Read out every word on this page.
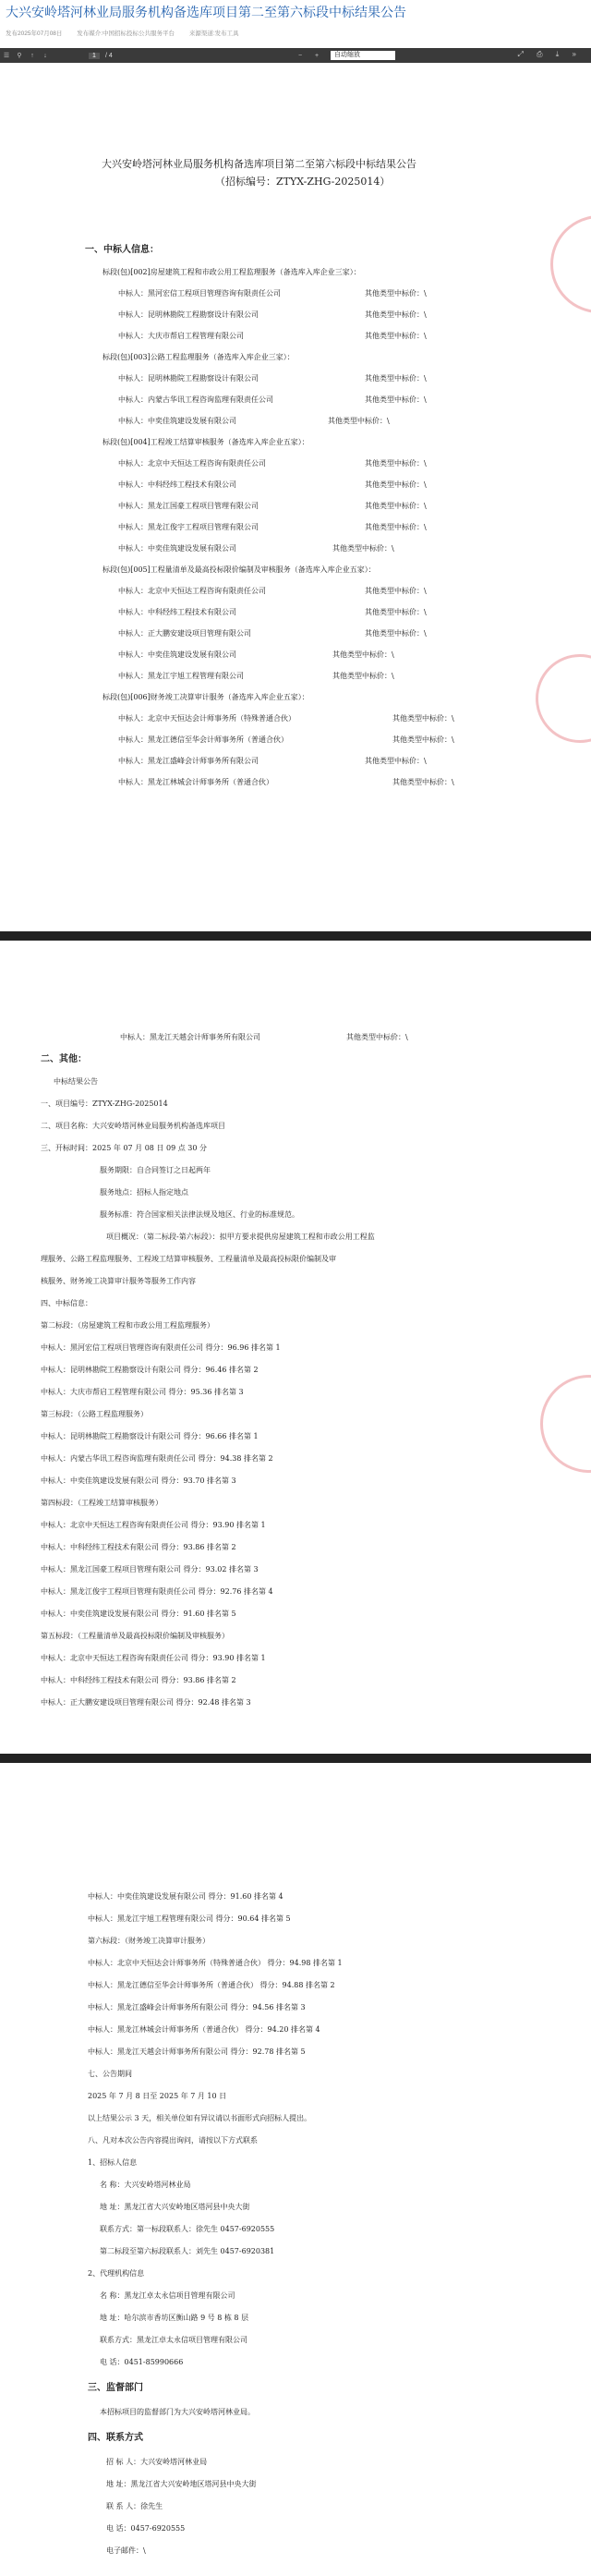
大兴安岭塔河林业局服务机构备选库项目第二至第六标段中标结果公告
发布2025年07月08日 发布媒介:中国招标投标公共服务平台 来源渠道:发布工具
☰	⚲	↑	↓	1	/ 4	−	+	自动缩放	⤢ ⎙ ⤓ »
大兴安岭塔河林业局服务机构备选库项目第二至第六标段中标结果公告
（招标编号：ZTYX-ZHG-2025014）
一、中标人信息：
标段(包)[002]房屋建筑工程和市政公用工程监理服务（备选库入库企业三家）：
中标人：黑河宏信工程项目管理咨询有限责任公司	其他类型中标价：\
中标人：昆明林勘院工程勘察设计有限公司	其他类型中标价：\
中标人：大庆市帮启工程管理有限公司	其他类型中标价：\
标段(包)[003]公路工程监理服务（备选库入库企业三家）：
中标人：昆明林勘院工程勘察设计有限公司	其他类型中标价：\
中标人：内蒙古华讯工程咨询监理有限责任公司	其他类型中标价：\
中标人：中奕佳筑建设发展有限公司	其他类型中标价：\
标段(包)[004]工程竣工结算审核服务（备选库入库企业五家）：
中标人：北京中天恒达工程咨询有限责任公司	其他类型中标价：\
中标人：中科经纬工程技术有限公司	其他类型中标价：\
中标人：黑龙江国豪工程项目管理有限公司	其他类型中标价：\
中标人：黑龙江俊宇工程项目管理有限公司	其他类型中标价：\
中标人：中奕佳筑建设发展有限公司	其他类型中标价：\
标段(包)[005]工程量清单及最高投标限价编制及审核服务（备选库入库企业五家）：
中标人：北京中天恒达工程咨询有限责任公司	其他类型中标价：\
中标人：中科经纬工程技术有限公司	其他类型中标价：\
中标人：正大鹏安建设项目管理有限公司	其他类型中标价：\
中标人：中奕佳筑建设发展有限公司	其他类型中标价：\
中标人：黑龙江宇旭工程管理有限公司	其他类型中标价：\
标段(包)[006]财务竣工决算审计服务（备选库入库企业五家）：
中标人：北京中天恒达会计师事务所（特殊普通合伙）	其他类型中标价：\
中标人：黑龙江德信至华会计师事务所（普通合伙）	其他类型中标价：\
中标人：黑龙江盛峰会计师事务所有限公司	其他类型中标价：\
中标人：黑龙江林城会计师事务所（普通合伙）	其他类型中标价：\
中标人：黑龙江天越会计师事务所有限公司	其他类型中标价：\
二、其他：
中标结果公告
一、项目编号：ZTYX-ZHG-2025014
二、项目名称：大兴安岭塔河林业局服务机构备选库项目
三、开标时间：2025 年 07 月 08 日 09 点 30 分
服务期限：自合同签订之日起两年
服务地点：招标人指定地点
服务标准：符合国家相关法律法规及地区、行业的标准规范。
项目概况：（第二标段-第六标段）：拟甲方要求提供房屋建筑工程和市政公用工程监
理服务、公路工程监理服务、工程竣工结算审核服务、工程量清单及最高投标限价编制及审
核服务、财务竣工决算审计服务等服务工作内容
四、中标信息：
第二标段：（房屋建筑工程和市政公用工程监理服务）
中标人：黑河宏信工程项目管理咨询有限责任公司 得分：96.96 排名第 1
中标人：昆明林勘院工程勘察设计有限公司 得分：96.46 排名第 2
中标人：大庆市帮启工程管理有限公司 得分：95.36 排名第 3
第三标段：（公路工程监理服务）
中标人：昆明林勘院工程勘察设计有限公司 得分：96.66 排名第 1
中标人：内蒙古华讯工程咨询监理有限责任公司 得分：94.38 排名第 2
中标人：中奕佳筑建设发展有限公司 得分：93.70 排名第 3
第四标段：（工程竣工结算审核服务）
中标人：北京中天恒达工程咨询有限责任公司 得分：93.90 排名第 1
中标人：中科经纬工程技术有限公司 得分：93.86 排名第 2
中标人：黑龙江国豪工程项目管理有限公司 得分：93.02 排名第 3
中标人：黑龙江俊宇工程项目管理有限责任公司 得分：92.76 排名第 4
中标人：中奕佳筑建设发展有限公司 得分：91.60 排名第 5
第五标段：（工程量清单及最高投标限价编制及审核服务）
中标人：北京中天恒达工程咨询有限责任公司 得分：93.90 排名第 1
中标人：中科经纬工程技术有限公司 得分：93.86 排名第 2
中标人：正大鹏安建设项目管理有限公司 得分：92.48 排名第 3
中标人：中奕佳筑建设发展有限公司 得分：91.60 排名第 4
中标人：黑龙江宇旭工程管理有限公司 得分：90.64 排名第 5
第六标段：（财务竣工决算审计服务）
中标人：北京中天恒达会计师事务所（特殊普通合伙） 得分：94.98 排名第 1
中标人：黑龙江德信至华会计师事务所（普通合伙） 得分：94.88 排名第 2
中标人：黑龙江盛峰会计师事务所有限公司 得分：94.56 排名第 3
中标人：黑龙江林城会计师事务所（普通合伙） 得分：94.20 排名第 4
中标人：黑龙江天越会计师事务所有限公司 得分：92.78 排名第 5
七、公告期间
2025 年 7 月 8 日至 2025 年 7 月 10 日
以上结果公示 3 天，相关单位如有异议请以书面形式向招标人提出。
八、凡对本次公告内容提出询问，请按以下方式联系
1、招标人信息
名 称：大兴安岭塔河林业局
地 址：黑龙江省大兴安岭地区塔河县中央大街
联系方式：第一标段联系人：徐先生 0457-6920555
第二标段至第六标段联系人：刘先生 0457-6920381
2、代理机构信息
名 称：黑龙江卓太永信项目管理有限公司
地 址：哈尔滨市香坊区衡山路 9 号 8 栋 8 层
联系方式：黑龙江卓太永信项目管理有限公司
电 话：0451-85990666
三、监督部门
本招标项目的监督部门为大兴安岭塔河林业局。
四、联系方式
招 标 人：大兴安岭塔河林业局
地 址：黑龙江省大兴安岭地区塔河县中央大街
联 系 人：徐先生
电 话：0457-6920555
电子邮件：\
